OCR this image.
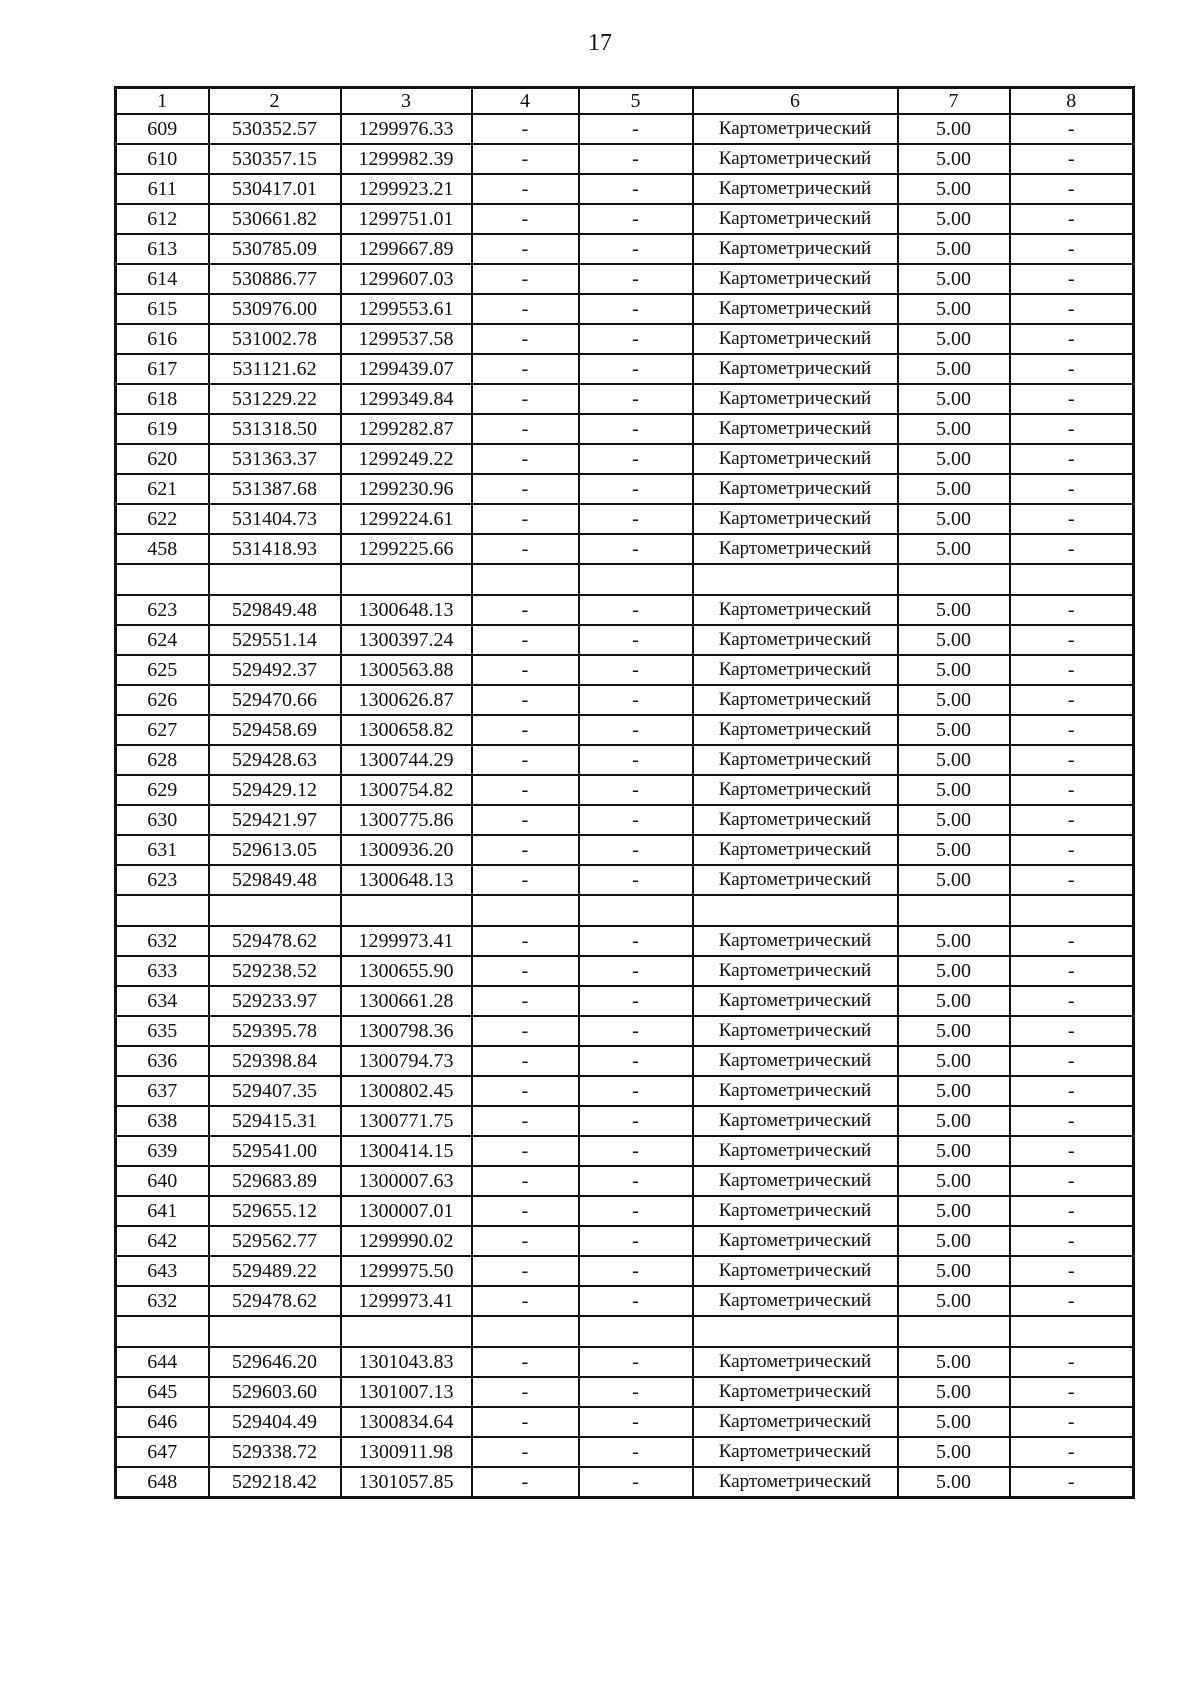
17
1	2	3	4	5	6	7	8
609	530352.57	1299976.33	-	-	Картометрический	5.00	-
610	530357.15	1299982.39	-	-	Картометрический	5.00	-
611	530417.01	1299923.21	-	-	Картометрический	5.00	-
612	530661.82	1299751.01	-	-	Картометрический	5.00	-
613	530785.09	1299667.89	-	-	Картометрический	5.00	-
614	530886.77	1299607.03	-	-	Картометрический	5.00	-
615	530976.00	1299553.61	-	-	Картометрический	5.00	-
616	531002.78	1299537.58	-	-	Картометрический	5.00	-
617	531121.62	1299439.07	-	-	Картометрический	5.00	-
618	531229.22	1299349.84	-	-	Картометрический	5.00	-
619	531318.50	1299282.87	-	-	Картометрический	5.00	-
620	531363.37	1299249.22	-	-	Картометрический	5.00	-
621	531387.68	1299230.96	-	-	Картометрический	5.00	-
622	531404.73	1299224.61	-	-	Картометрический	5.00	-
458	531418.93	1299225.66	-	-	Картометрический	5.00	-

623	529849.48	1300648.13	-	-	Картометрический	5.00	-
624	529551.14	1300397.24	-	-	Картометрический	5.00	-
625	529492.37	1300563.88	-	-	Картометрический	5.00	-
626	529470.66	1300626.87	-	-	Картометрический	5.00	-
627	529458.69	1300658.82	-	-	Картометрический	5.00	-
628	529428.63	1300744.29	-	-	Картометрический	5.00	-
629	529429.12	1300754.82	-	-	Картометрический	5.00	-
630	529421.97	1300775.86	-	-	Картометрический	5.00	-
631	529613.05	1300936.20	-	-	Картометрический	5.00	-
623	529849.48	1300648.13	-	-	Картометрический	5.00	-

632	529478.62	1299973.41	-	-	Картометрический	5.00	-
633	529238.52	1300655.90	-	-	Картометрический	5.00	-
634	529233.97	1300661.28	-	-	Картометрический	5.00	-
635	529395.78	1300798.36	-	-	Картометрический	5.00	-
636	529398.84	1300794.73	-	-	Картометрический	5.00	-
637	529407.35	1300802.45	-	-	Картометрический	5.00	-
638	529415.31	1300771.75	-	-	Картометрический	5.00	-
639	529541.00	1300414.15	-	-	Картометрический	5.00	-
640	529683.89	1300007.63	-	-	Картометрический	5.00	-
641	529655.12	1300007.01	-	-	Картометрический	5.00	-
642	529562.77	1299990.02	-	-	Картометрический	5.00	-
643	529489.22	1299975.50	-	-	Картометрический	5.00	-
632	529478.62	1299973.41	-	-	Картометрический	5.00	-

644	529646.20	1301043.83	-	-	Картометрический	5.00	-
645	529603.60	1301007.13	-	-	Картометрический	5.00	-
646	529404.49	1300834.64	-	-	Картометрический	5.00	-
647	529338.72	1300911.98	-	-	Картометрический	5.00	-
648	529218.42	1301057.85	-	-	Картометрический	5.00	-
